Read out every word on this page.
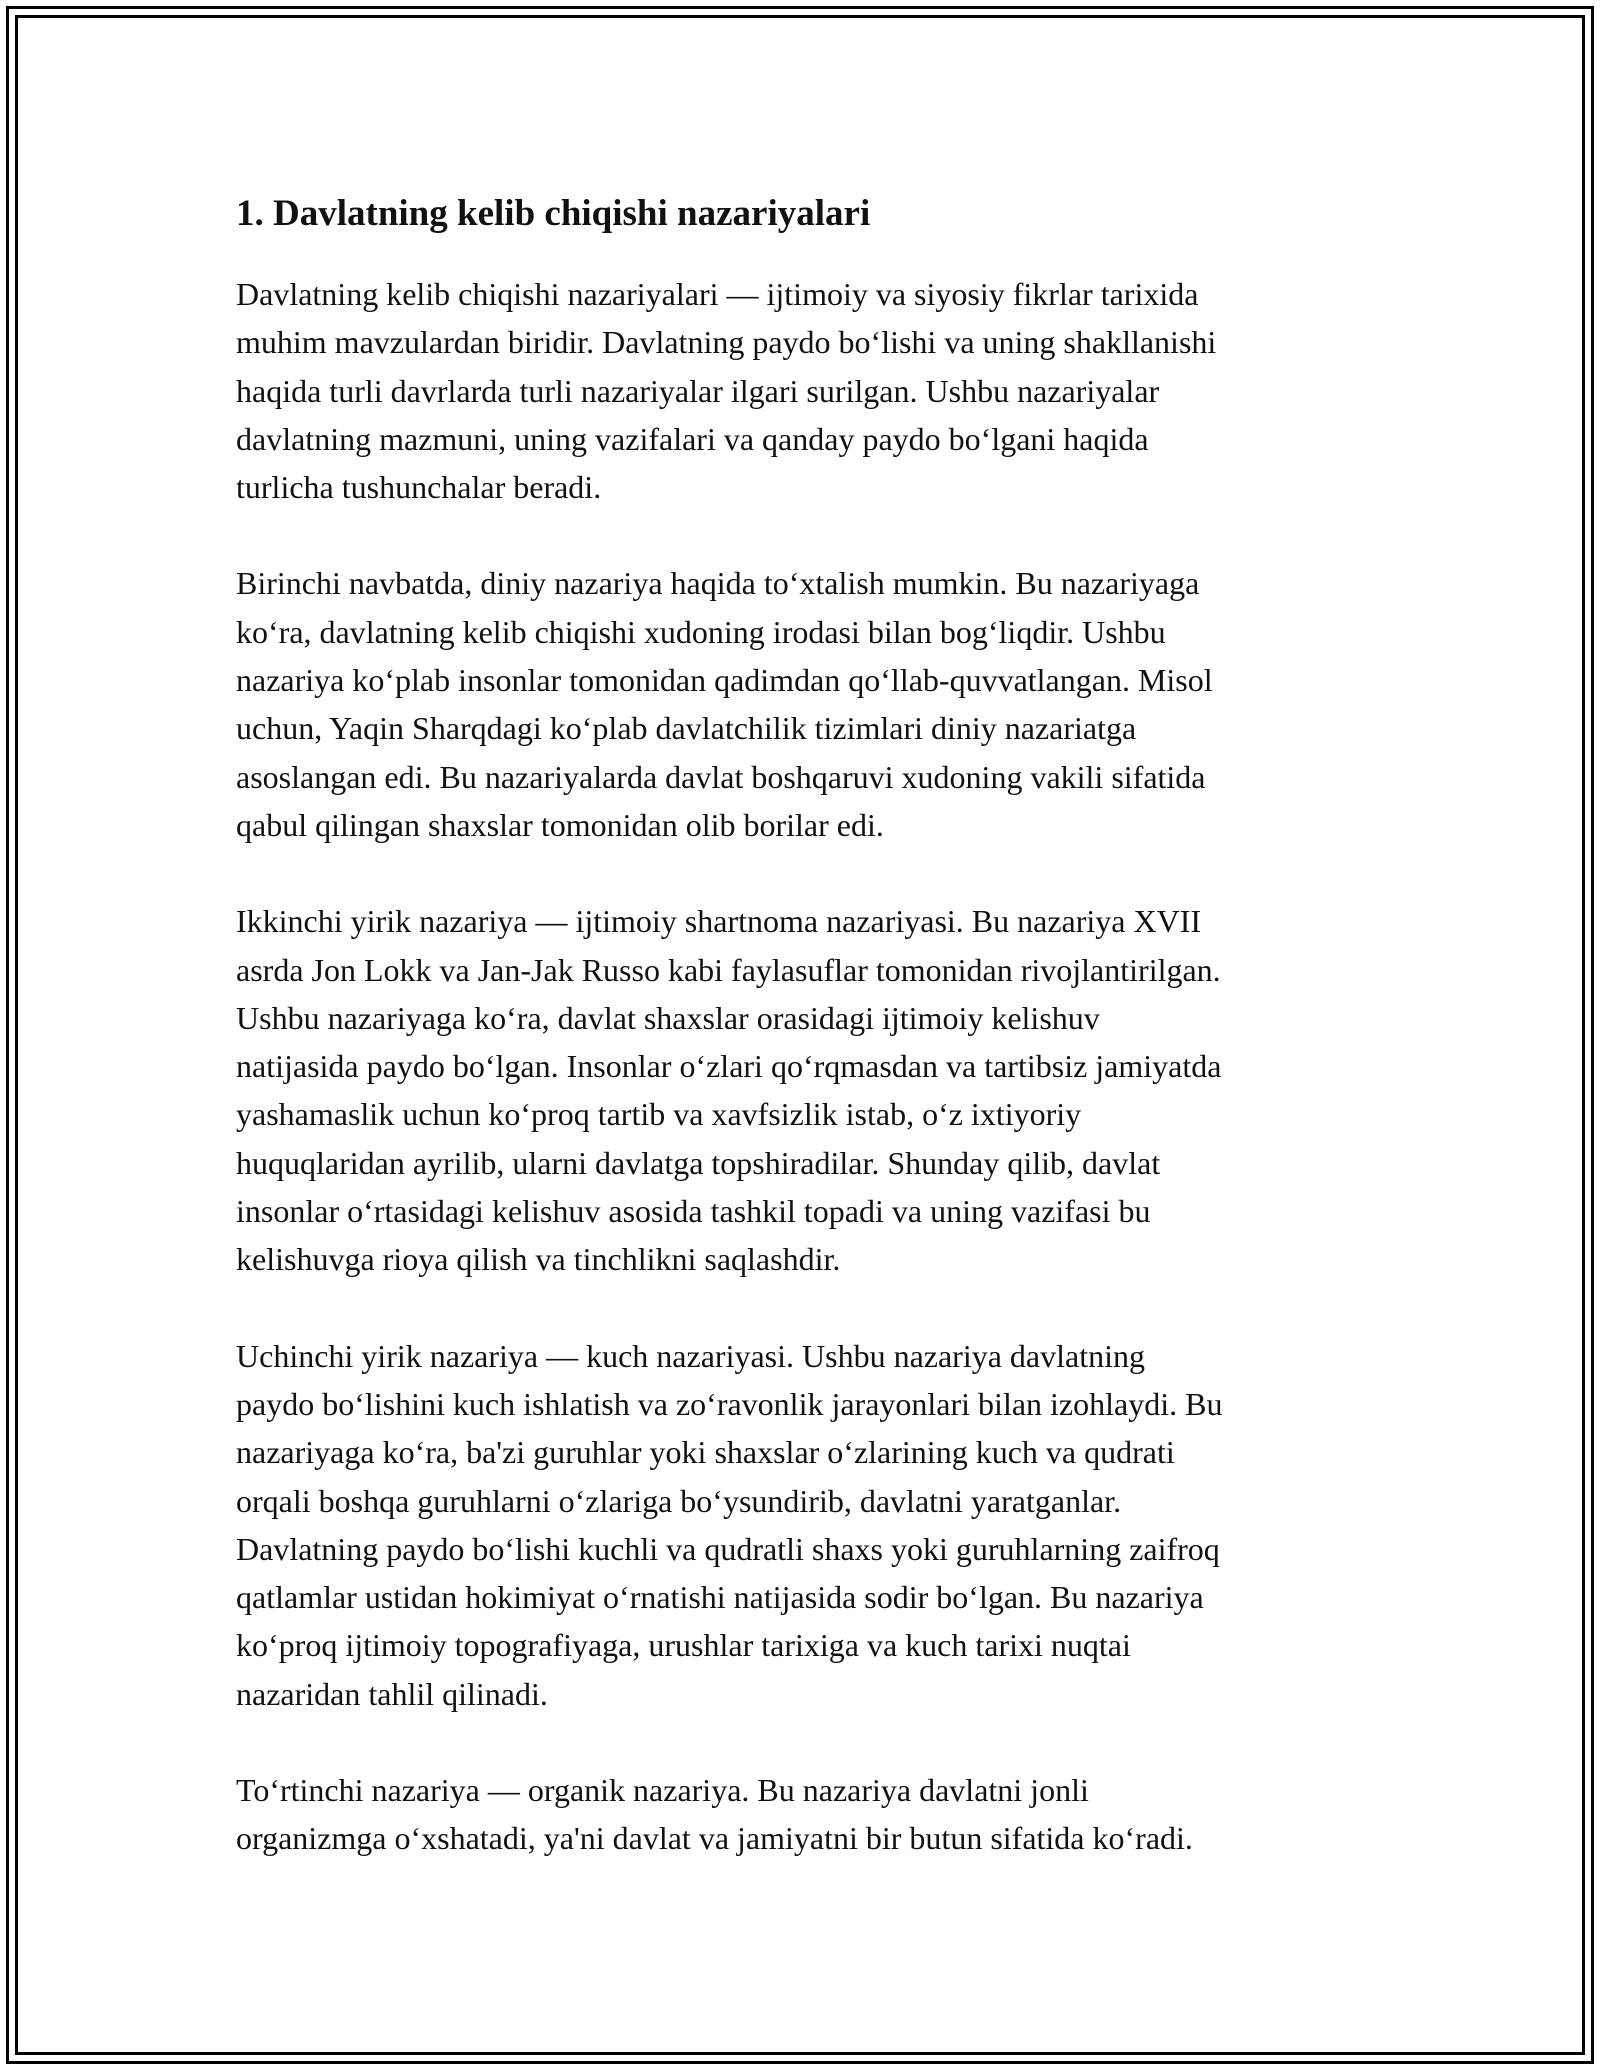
1. Davlatning kelib chiqishi nazariyalari

Davlatning kelib chiqishi nazariyalari — ijtimoiy va siyosiy fikrlar tarixida
muhim mavzulardan biridir. Davlatning paydo bo‘lishi va uning shakllanishi
haqida turli davrlarda turli nazariyalar ilgari surilgan. Ushbu nazariyalar
davlatning mazmuni, uning vazifalari va qanday paydo bo‘lgani haqida
turlicha tushunchalar beradi.

Birinchi navbatda, diniy nazariya haqida to‘xtalish mumkin. Bu nazariyaga
ko‘ra, davlatning kelib chiqishi xudoning irodasi bilan bog‘liqdir. Ushbu
nazariya ko‘plab insonlar tomonidan qadimdan qo‘llab-quvvatlangan. Misol
uchun, Yaqin Sharqdagi ko‘plab davlatchilik tizimlari diniy nazariatga
asoslangan edi. Bu nazariyalarda davlat boshqaruvi xudoning vakili sifatida
qabul qilingan shaxslar tomonidan olib borilar edi.

Ikkinchi yirik nazariya — ijtimoiy shartnoma nazariyasi. Bu nazariya XVII
asrda Jon Lokk va Jan-Jak Russo kabi faylasuflar tomonidan rivojlantirilgan.
Ushbu nazariyaga ko‘ra, davlat shaxslar orasidagi ijtimoiy kelishuv
natijasida paydo bo‘lgan. Insonlar o‘zlari qo‘rqmasdan va tartibsiz jamiyatda
yashamaslik uchun ko‘proq tartib va xavfsizlik istab, o‘z ixtiyoriy
huquqlaridan ayrilib, ularni davlatga topshiradilar. Shunday qilib, davlat
insonlar o‘rtasidagi kelishuv asosida tashkil topadi va uning vazifasi bu
kelishuvga rioya qilish va tinchlikni saqlashdir.

Uchinchi yirik nazariya — kuch nazariyasi. Ushbu nazariya davlatning
paydo bo‘lishini kuch ishlatish va zo‘ravonlik jarayonlari bilan izohlaydi. Bu
nazariyaga ko‘ra, ba'zi guruhlar yoki shaxslar o‘zlarining kuch va qudrati
orqali boshqa guruhlarni o‘zlariga bo‘ysundirib, davlatni yaratganlar.
Davlatning paydo bo‘lishi kuchli va qudratli shaxs yoki guruhlarning zaifroq
qatlamlar ustidan hokimiyat o‘rnatishi natijasida sodir bo‘lgan. Bu nazariya
ko‘proq ijtimoiy topografiyaga, urushlar tarixiga va kuch tarixi nuqtai
nazaridan tahlil qilinadi.

To‘rtinchi nazariya — organik nazariya. Bu nazariya davlatni jonli
organizmga o‘xshatadi, ya'ni davlat va jamiyatni bir butun sifatida ko‘radi.
